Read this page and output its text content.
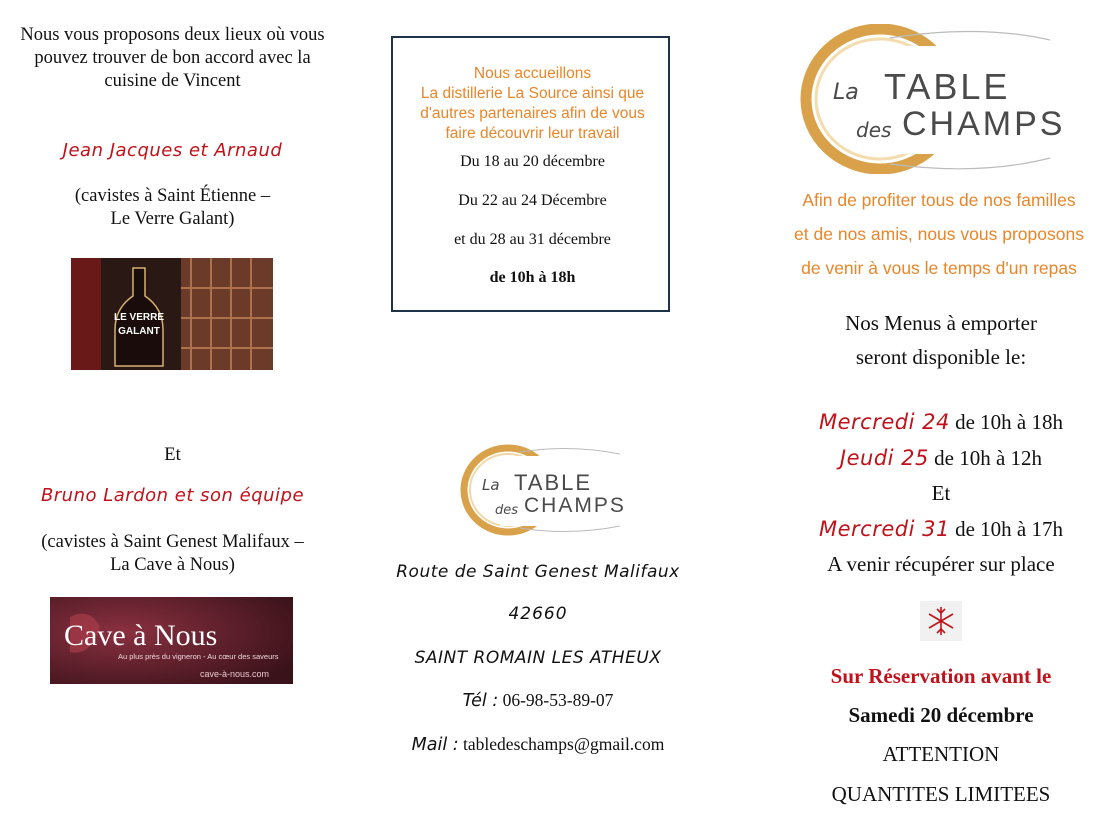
Nous vous proposons deux lieux où vous pouvez trouver de bon accord avec la cuisine de Vincent
Jean Jacques et Arnaud
(cavistes à Saint Étienne –
Le Verre Galant)
LE VERRE
GALANT
Et
Bruno Lardon et son équipe
(cavistes à Saint Genest Malifaux –
La Cave à Nous)
Cave à Nous
Au plus près du vigneron - Au cœur des saveurs
cave-à-nous.com
Nous accueillons
La distillerie La Source ainsi que
d'autres partenaires afin de vous
faire découvrir leur travail
Du 18 au 20 décembre
Du 22 au 24 Décembre
et du 28 au 31 décembre
de 10h à 18h
La TABLE
des CHAMPS
Route de Saint Genest Malifaux
42660
SAINT ROMAIN LES ATHEUX
Tél : 06-98-53-89-07
Mail : tabledeschamps@gmail.com
La TABLE
des CHAMPS
Afin de profiter tous de nos familles
et de nos amis, nous vous proposons
de venir à vous le temps d'un repas
Nos Menus à emporter
seront disponible le:
Mercredi 24 de 10h à 18h
Jeudi 25 de 10h à 12h
Et
Mercredi 31 de 10h à 17h
A venir récupérer sur place
Sur Réservation avant le
Samedi 20 décembre
ATTENTION
QUANTITES LIMITEES
